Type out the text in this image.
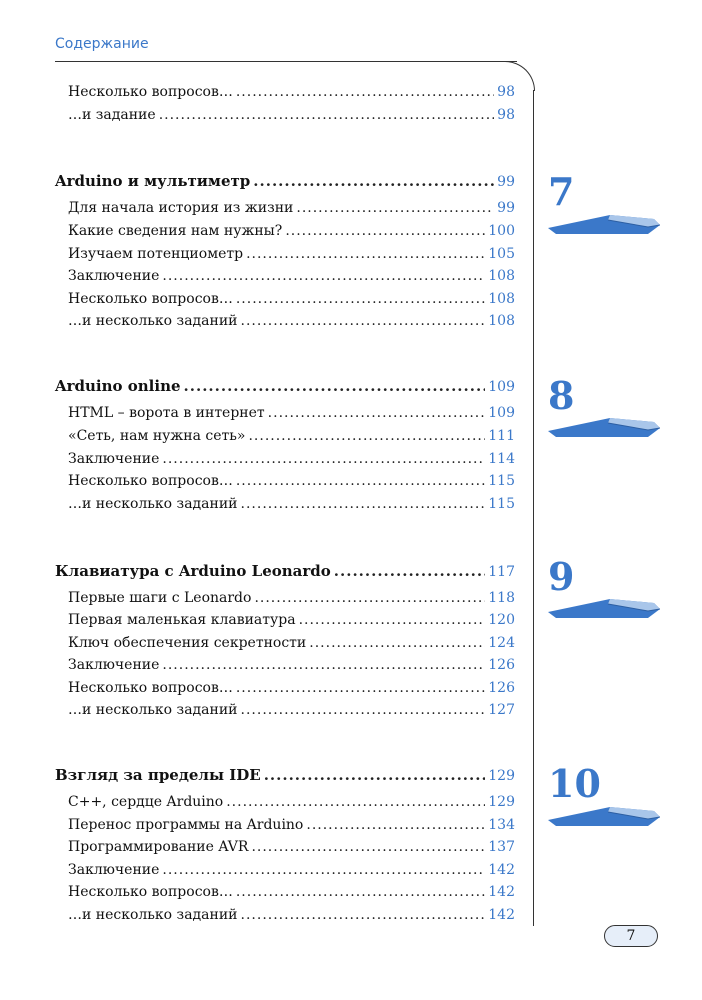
Содержание
Несколько вопросов… .....	98
…и задание .....	98
Arduino и мультиметр .....	99
Для начала история из жизни .....	99
Какие сведения нам нужны? .....	100
Изучаем потенциометр .....	105
Заключение .....	108
Несколько вопросов… .....	108
…и несколько заданий .....	108
Arduino online .....	109
HTML – ворота в интернет .....	109
«Сеть, нам нужна сеть» .....	111
Заключение .....	114
Несколько вопросов… .....	115
…и несколько заданий .....	115
Клавиатура с Arduino Leonardo .....	117
Первые шаги с Leonardo .....	118
Первая маленькая клавиатура .....	120
Ключ обеспечения секретности .....	124
Заключение .....	126
Несколько вопросов… .....	126
…и несколько заданий .....	127
Взгляд за пределы IDE .....	129
C++, сердце Arduino .....	129
Перенос программы на Arduino .....	134
Программирование AVR .....	137
Заключение .....	142
Несколько вопросов… .....	142
…и несколько заданий .....	142
7
8
9
10
7
